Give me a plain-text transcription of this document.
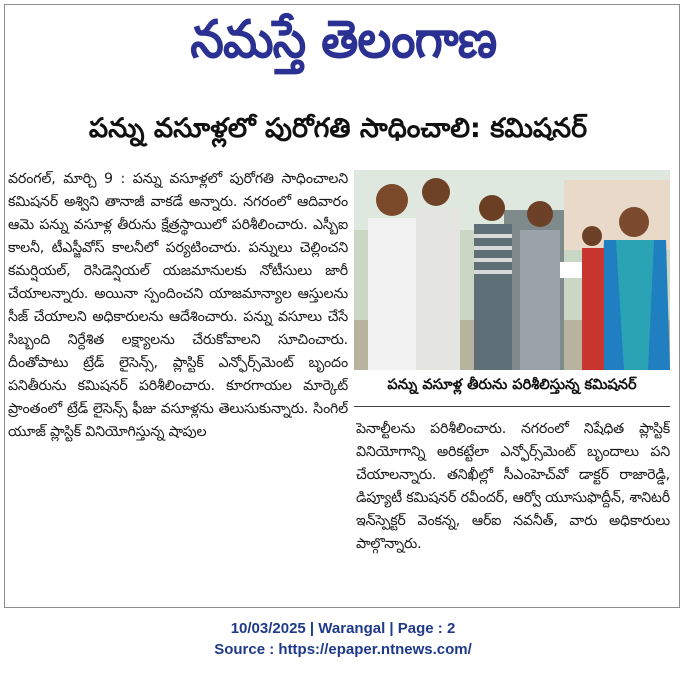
నమస్తే తెలంగాణ
పన్ను వసూళ్లలో పురోగతి సాధించాలి: కమిషనర్

వరంగల్, మార్చి 9 : పన్ను వసూళ్లలో పురోగతి సాధించాలని కమిషనర్ అశ్విని తానాజీ వాకడే అన్నారు. నగరంలో ఆదివారం ఆమె పన్ను వసూళ్ల తీరును క్షేత్రస్థాయిలో పరిశీలించారు. ఎస్బీఐ కాలనీ, టీఎస్జీవోస్ కాలనీలో పర్యటించారు. పన్నులు చెల్లించని కమర్షియల్, రెసిడెన్షియల్ యజమానులకు నోటీసులు జారీ చేయాలన్నారు. అయినా స్పందించని యాజమాన్యాల ఆస్తులను సీజ్ చేయాలని అధికారులను ఆదేశించారు. పన్ను వసూలు చేసే సిబ్బంది నిర్దేశిత లక్ష్యాలను చేరుకోవాలని సూచించారు. దీంతోపాటు ట్రేడ్ లైసెన్స్, ప్లాస్టిక్ ఎన్ఫోర్స్‌మెంట్ బృందం పనితీరును కమిషనర్ పరిశీలించారు. కూరగాయల మార్కెట్ ప్రాంతంలో ట్రేడ్ లైసెన్స్ ఫీజు వసూళ్లను తెలుసుకున్నారు. సింగిల్ యూజ్ ప్లాస్టిక్ వినియోగిస్తున్న షాపుల

పన్ను వసూళ్ల తీరును పరిశీలిస్తున్న కమిషనర్

పెనాల్టీలను పరిశీలించారు. నగరంలో నిషేధిత ప్లాస్టిక్ వినియోగాన్ని అరికట్టేలా ఎన్ఫోర్స్‌మెంట్ బృందాలు పని చేయాలన్నారు. తనిఖీల్లో సీఎంహెచ్‌వో డాక్టర్ రాజారెడ్డి, డిప్యూటీ కమిషనర్ రవీందర్, ఆర్వో యూసుఫొద్దీన్, శానిటరీ ఇన్‌స్పెక్టర్ వెంకన్న, ఆర్ఐ నవనీత్, వారు అధికారులు పాల్గొన్నారు.

10/03/2025 | Warangal | Page : 2
Source : https://epaper.ntnews.com/
